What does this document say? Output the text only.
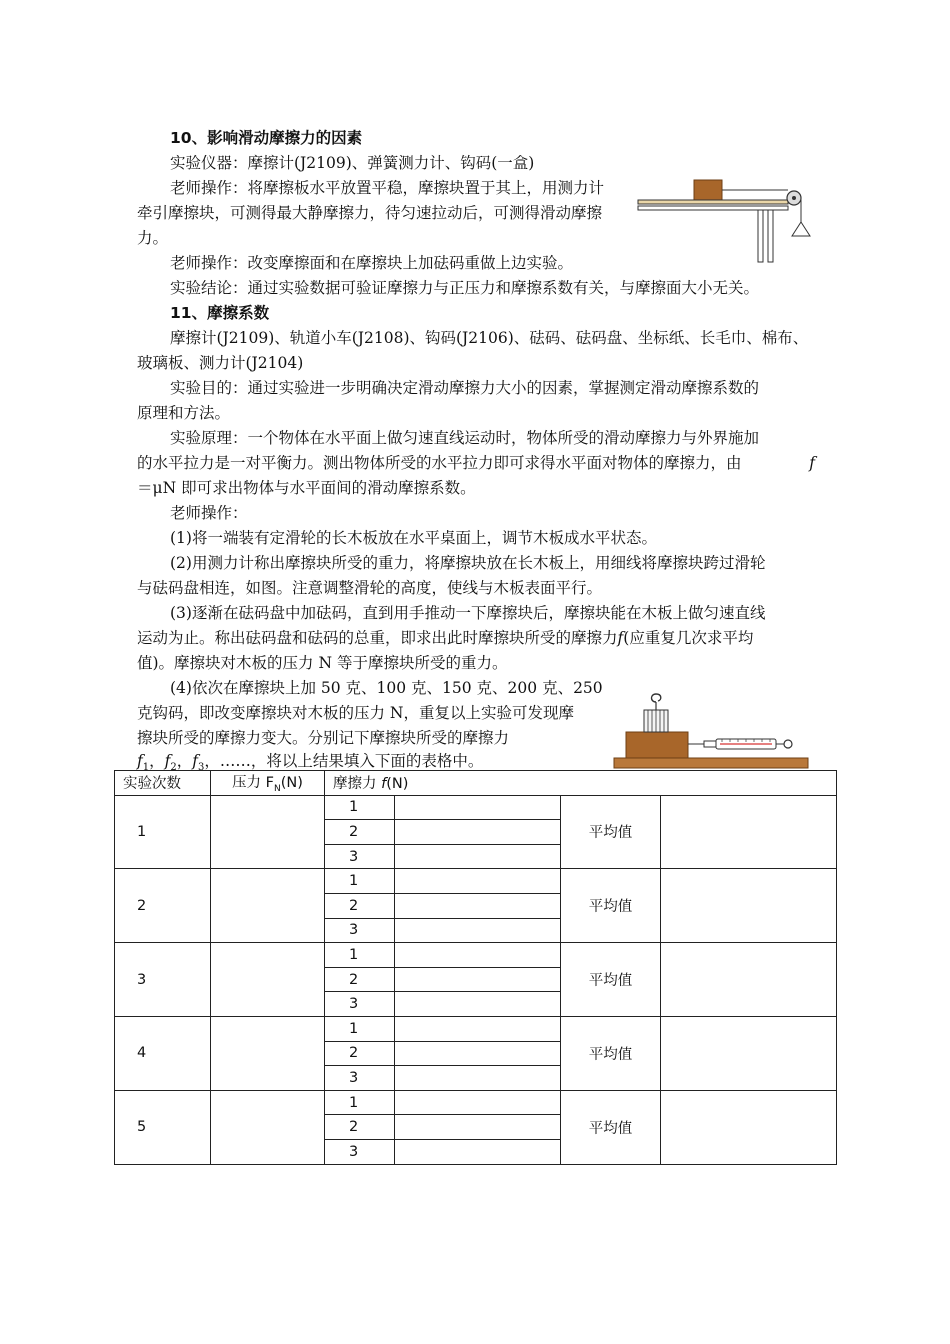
10、影响滑动摩擦力的因素
实验仪器：摩擦计(J2109)、弹簧测力计、钩码(一盒)
老师操作：将摩擦板水平放置平稳，摩擦块置于其上，用测力计
牵引摩擦块，可测得最大静摩擦力，待匀速拉动后，可测得滑动摩擦
力。
老师操作：改变摩擦面和在摩擦块上加砝码重做上边实验。
实验结论：通过实验数据可验证摩擦力与正压力和摩擦系数有关，与摩擦面大小无关。
11、摩擦系数
摩擦计(J2109)、轨道小车(J2108)、钩码(J2106)、砝码、砝码盘、坐标纸、长毛巾、棉布、
玻璃板、测力计(J2104)
实验目的：通过实验进一步明确决定滑动摩擦力大小的因素，掌握测定滑动摩擦系数的
原理和方法。
实验原理：一个物体在水平面上做匀速直线运动时，物体所受的滑动摩擦力与外界施加
的水平拉力是一对平衡力。测出物体所受的水平拉力即可求得水平面对物体的摩擦力，由	f
＝μN 即可求出物体与水平面间的滑动摩擦系数。
老师操作：
(1)将一端装有定滑轮的长木板放在水平桌面上，调节木板成水平状态。
(2)用测力计称出摩擦块所受的重力，将摩擦块放在长木板上，用细线将摩擦块跨过滑轮
与砝码盘相连，如图。注意调整滑轮的高度，使线与木板表面平行。
(3)逐渐在砝码盘中加砝码，直到用手推动一下摩擦块后，摩擦块能在木板上做匀速直线
运动为止。称出砝码盘和砝码的总重，即求出此时摩擦块所受的摩擦力f(应重复几次求平均
值)。摩擦块对木板的压力 N 等于摩擦块所受的重力。
(4)依次在摩擦块上加 50 克、100 克、150 克、200 克、250
克钩码，即改变摩擦块对木板的压力 N，重复以上实验可发现摩
擦块所受的摩擦力变大。分别记下摩擦块所受的摩擦力
$f_1$，$f_2$，$f_3$，……，将以上结果填入下面的表格中。
实验次数	压力 $F_N(N)$	摩擦力 f(N)			
1		1		平均值	
		2			
		3			
2		1		平均值	
		2			
		3			
3		1		平均值	
		2			
		3			
4		1		平均值	
		2			
		3			
5		1		平均值	
		2			
		3			
